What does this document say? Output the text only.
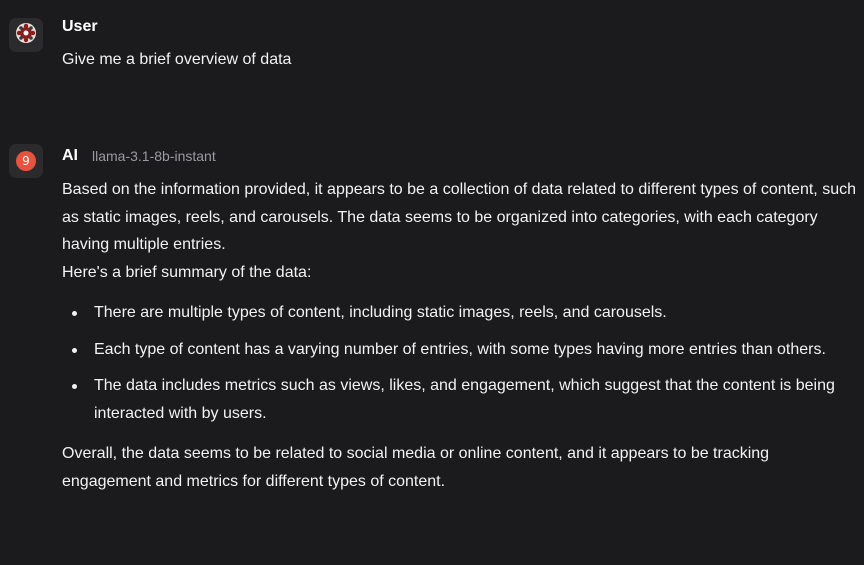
User
Give me a brief overview of data
9	AI llama-3.1-8b-instant

Based on the information provided, it appears to be a collection of data related to different types of content, such as static images, reels, and carousels. The data seems to be organized into categories, with each category having multiple entries.

Here's a brief summary of the data:

There are multiple types of content, including static images, reels, and carousels.
Each type of content has a varying number of entries, with some types having more entries than others.
The data includes metrics such as views, likes, and engagement, which suggest that the content is being interacted with by users.

Overall, the data seems to be related to social media or online content, and it appears to be tracking engagement and metrics for different types of content.
